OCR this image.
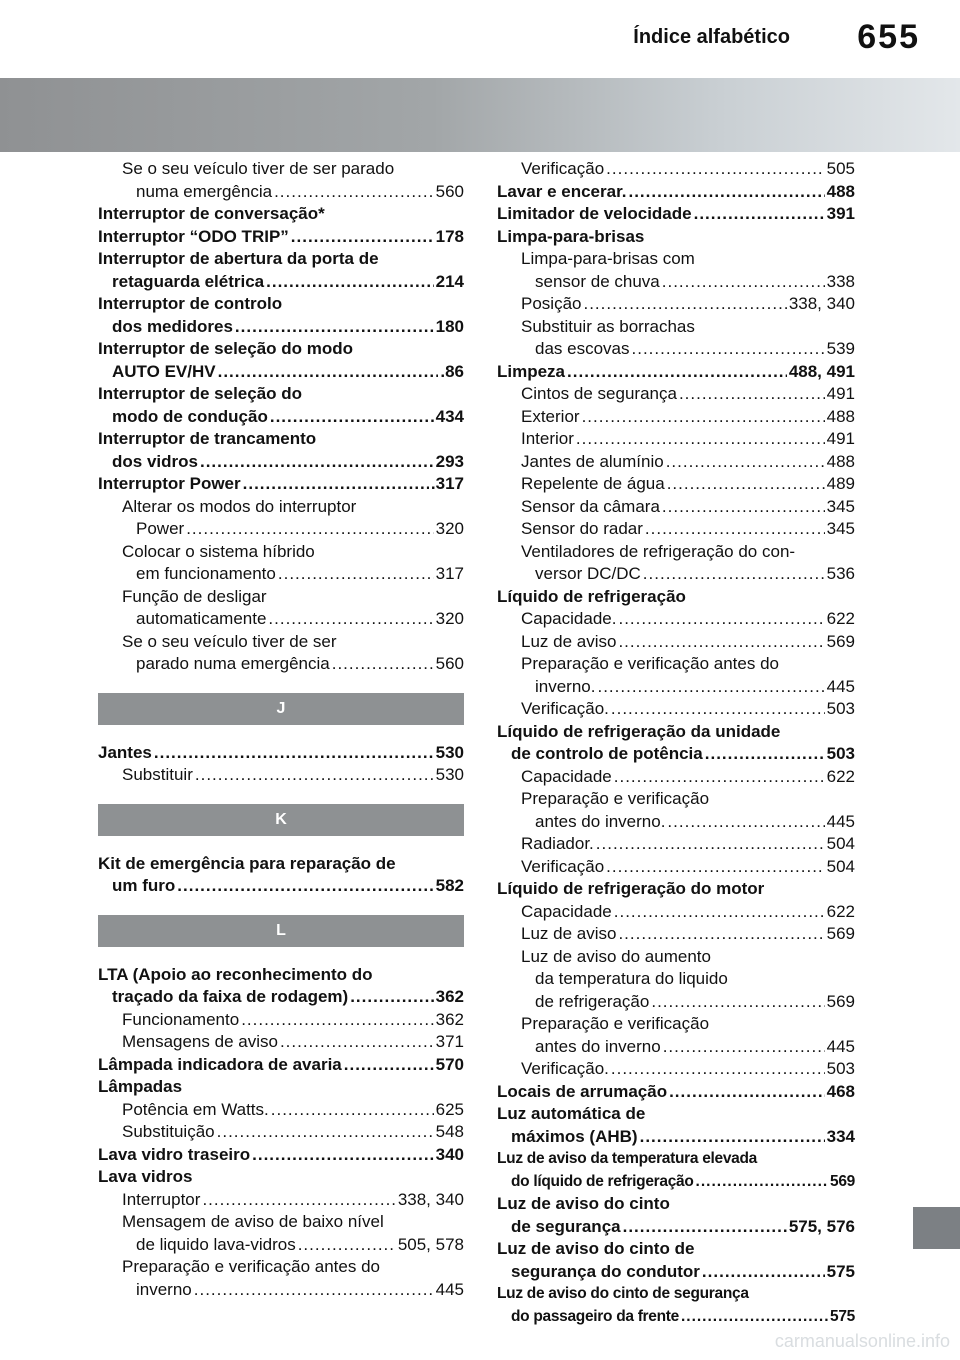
Índice alfabético 655
Se o seu veículo tiver de ser parado
numa emergência .....	560
Interruptor de conversação*
Interruptor “ODO TRIP” .....	178
Interruptor de abertura da porta de
retaguarda elétrica .....	214
Interruptor de controlo
dos medidores .....	180
Interruptor de seleção do modo
AUTO EV/HV .....	.86
Interruptor de seleção do
modo de condução .....	434
Interruptor de trancamento
dos vidros .....	293
Interruptor Power .....	.317
Alterar os modos do interruptor
Power .....	320
Colocar o sistema híbrido
em funcionamento .....	317
Função de desligar
automaticamente .....	320
Se o seu veículo tiver de ser
parado numa emergência .....	560
J
Jantes .....	530
Substituir .....	530
K
Kit de emergência para reparação de
um furo .....	582
L
LTA (Apoio ao reconhecimento do
traçado da faixa de rodagem) .....	362
Funcionamento .....	362
Mensagens de aviso .....	371
Lâmpada indicadora de avaria .....	570
Lâmpadas
Potência em Watts. .....	625
Substituição .....	548
Lava vidro traseiro .....	340
Lava vidros
Interruptor .....	338, 340
Mensagem de aviso de baixo nível
de liquido lava-vidros .....	505, 578
Preparação e verificação antes do
inverno .....	445
Verificação .....	505
Lavar e encerar. .....	488
Limitador de velocidade .....	391
Limpa-para-brisas
Limpa-para-brisas com
sensor de chuva .....	338
Posição .....	338, 340
Substituir as borrachas
das escovas .....	539
Limpeza .....	488, 491
Cintos de segurança .....	491
Exterior .....	488
Interior .....	491
Jantes de alumínio .....	488
Repelente de água .....	489
Sensor da câmara .....	345
Sensor do radar .....	345
Ventiladores de refrigeração do con-
versor DC/DC .....	536
Líquido de refrigeração
Capacidade. .....	622
Luz de aviso .....	569
Preparação e verificação antes do
inverno. .....	445
Verificação. .....	503
Líquido de refrigeração da unidade
de controlo de potência .....	503
Capacidade .....	622
Preparação e verificação
antes do inverno. .....	445
Radiador. .....	504
Verificação .....	504
Líquido de refrigeração do motor
Capacidade .....	622
Luz de aviso .....	569
Luz de aviso do aumento
da temperatura do liquido
de refrigeração .....	569
Preparação e verificação
antes do inverno .....	445
Verificação. .....	503
Locais de arrumação .....	468
Luz automática de
máximos (AHB) .....	334
Luz de aviso da temperatura elevada
do líquido de refrigeração .....	569
Luz de aviso do cinto
de segurança .....	575, 576
Luz de aviso do cinto de
segurança do condutor .....	575
Luz de aviso do cinto de segurança
do passageiro da frente .....	575
carmanualsonline.info
